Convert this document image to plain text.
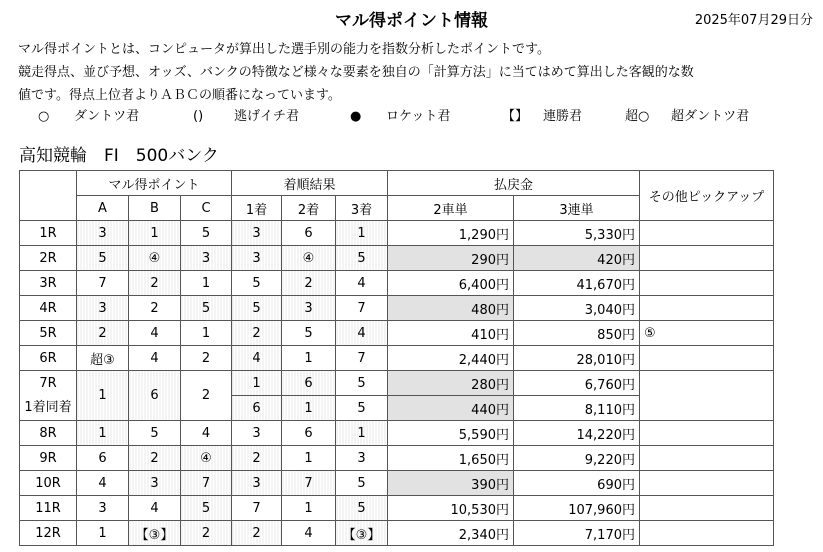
マル得ポイント情報	2025年07月29日分
マル得ポイントとは、コンピュータが算出した選手別の能力を指数分析したポイントです。
競走得点、並び予想、オッズ、バンクの特徴など様々な要素を独自の「計算方法」に当てはめて算出した客観的な数
値です。得点上位者よりＡＢＣの順番になっています。
○ ダントツ君	() 逃げイチ君	● ロケット君	【】 連勝君	超○ 超ダントツ君
高知競輪　FI　500バンク
	マル得ポイント			着順結果			払戻金		その他ピックアップ
	A	B	C	1着	2着	3着	2車単	3連単	
1R	3	1	5	3	6	1	1,290円	5,330円	
2R	5	④	3	3	④	5	290円	420円	
3R	7	2	1	5	2	4	6,400円	41,670円	
4R	3	2	5	5	3	7	480円	3,040円	
5R	2	4	1	2	5	4	410円	850円	⑤
6R	超③	4	2	4	1	7	2,440円	28,010円	

7R
1着同着	1	6	2	1	6	5	280円	6,760円	
				6	1	5	440円	8,110円	
8R	1	5	4	3	6	1	5,590円	14,220円	
9R	6	2	④	2	1	3	1,650円	9,220円	
10R	4	3	7	3	7	5	390円	690円	
11R	3	4	5	7	1	5	10,530円	107,960円	
12R	1	【③】	2	2	4	【③】	2,340円	7,170円	
